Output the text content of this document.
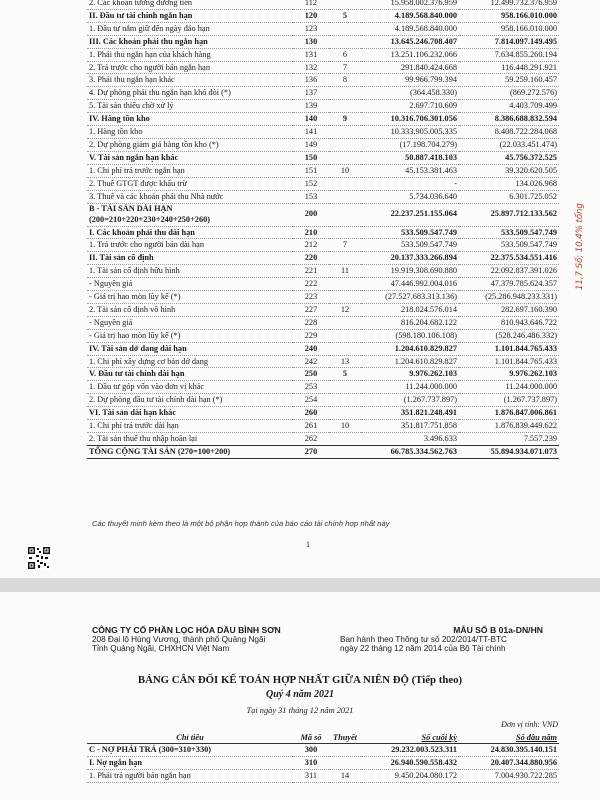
2. Các khoản tương đương tiền	112		15.958.002.376.959	12.499.732.376.959
II. Đầu tư tài chính ngắn hạn	120	5	4.189.568.840.000	958.166.010.000
1. Đầu tư nắm giữ đến ngày đáo hạn	123		4.189.568.840.000	958.166.010.000
III. Các khoản phải thu ngắn hạn	130		13.645.246.708.407	7.814.097.149.495
1. Phải thu ngắn hạn của khách hàng	131	6	13.251.106.232.066	7.634.855.260.194
2. Trả trước cho người bán ngắn hạn	132	7	291.840.424.668	116.448.291.921
3. Phải thu ngắn hạn khác	136	8	99.966.799.394	59.259.160.457
4. Dự phòng phải thu ngắn hạn khó đòi (*)	137		(364.458.330)	(869.272.576)
5. Tài sản thiếu chờ xử lý	139		2.697.710.609	4.403.709.499
IV. Hàng tồn kho	140	9	10.316.706.301.056	8.386.688.832.594
1. Hàng tồn kho	141		10.333.905.005.335	8.408.722.284.068
2. Dự phòng giảm giá hàng tồn kho (*)	149		(17.198.704.279)	(22.033.451.474)
V. Tài sản ngắn hạn khác	150		50.887.418.103	45.756.372.525
1. Chi phí trả trước ngắn hạn	151	10	45.153.381.463	39.320.620.505
2. Thuế GTGT được khấu trừ	152		-	134.026.968
3. Thuế và các khoản phải thu Nhà nước	153		5.734.036.640	6.301.725.052
B - TÀI SẢN DÀI HẠN (200=210+220+230+240+250+260)	200		22.237.251.155.064	25.897.712.133.562
I. Các khoản phải thu dài hạn	210		533.509.547.749	533.509.547.749
1. Trả trước cho người bán dài hạn	212	7	533.509.547.749	533.509.547.749
II. Tài sản cố định	220		20.137.333.266.894	22.375.534.551.416
1. Tài sản cố định hữu hình	221	11	19.919.308.690.880	22.092.837.391.026
- Nguyên giá	222		47.446.992.004.016	47.379.785.624.357
- Giá trị hao mòn lũy kế (*)	223		(27.527.683.313.136)	(25.286.948.233.331)
2. Tài sản cố định vô hình	227	12	218.024.576.014	282.697.160.390
- Nguyên giá	228		816.204.682.122	810.943.646.722
- Giá trị hao mòn lũy kế (*)	229		(598.180.106.108)	(528.246.486.332)
IV. Tài sản dở dang dài hạn	240		1.204.610.829.827	1.101.844.765.433
1. Chi phí xây dựng cơ bản dở dang	242	13	1.204.610.829.827	1.101.844.765.433
V. Đầu tư tài chính dài hạn	250	5	9.976.262.103	9.976.262.103
1. Đầu tư góp vốn vào đơn vị khác	253		11.244.000.000	11.244.000.000
2. Dự phòng đầu tư tài chính dài hạn (*)	254		(1.267.737.897)	(1.267.737.897)
VI. Tài sản dài hạn khác	260		351.821.248.491	1.876.847.006.861
1. Chi phí trả trước dài hạn	261	10	351.817.751.858	1.876.839.449.622
2. Tài sản thuế thu nhập hoãn lại	262		3.496.633	7.557.239
TỔNG CỘNG TÀI SẢN (270=100+200)	270		66.785.334.562.763	55.894.934.071.073
Các thuyết minh kèm theo là một bộ phận hợp thành của báo cáo tài chính hợp nhất này
1
11,7 Số; 10.4% tổng
CÔNG TY CỔ PHẦN LỌC HÓA DẦU BÌNH SƠN
208 Đại lộ Hùng Vương, thành phố Quảng Ngãi
Tỉnh Quảng Ngãi, CHXHCN Việt Nam
MẪU SỐ B 01a-DN/HN
Ban hành theo Thông tư số 202/2014/TT-BTC
ngày 22 tháng 12 năm 2014 của Bộ Tài chính
BẢNG CÂN ĐỐI KẾ TOÁN HỢP NHẤT GIỮA NIÊN ĐỘ (Tiếp theo)
Quý 4 năm 2021
Tại ngày 31 tháng 12 năm 2021
Đơn vị tính: VND
Chỉ tiêu	Mã số	Thuyết	Số cuối kỳ	Số đầu năm
C - NỢ PHẢI TRẢ (300=310+330)	300		29.232.003.523.311	24.830.395.140.151
I. Nợ ngắn hạn	310		26.940.590.558.432	20.407.344.880.956
1. Phải trả người bán ngắn hạn	311	14	9.450.204.080.172	7.004.930.722.285
